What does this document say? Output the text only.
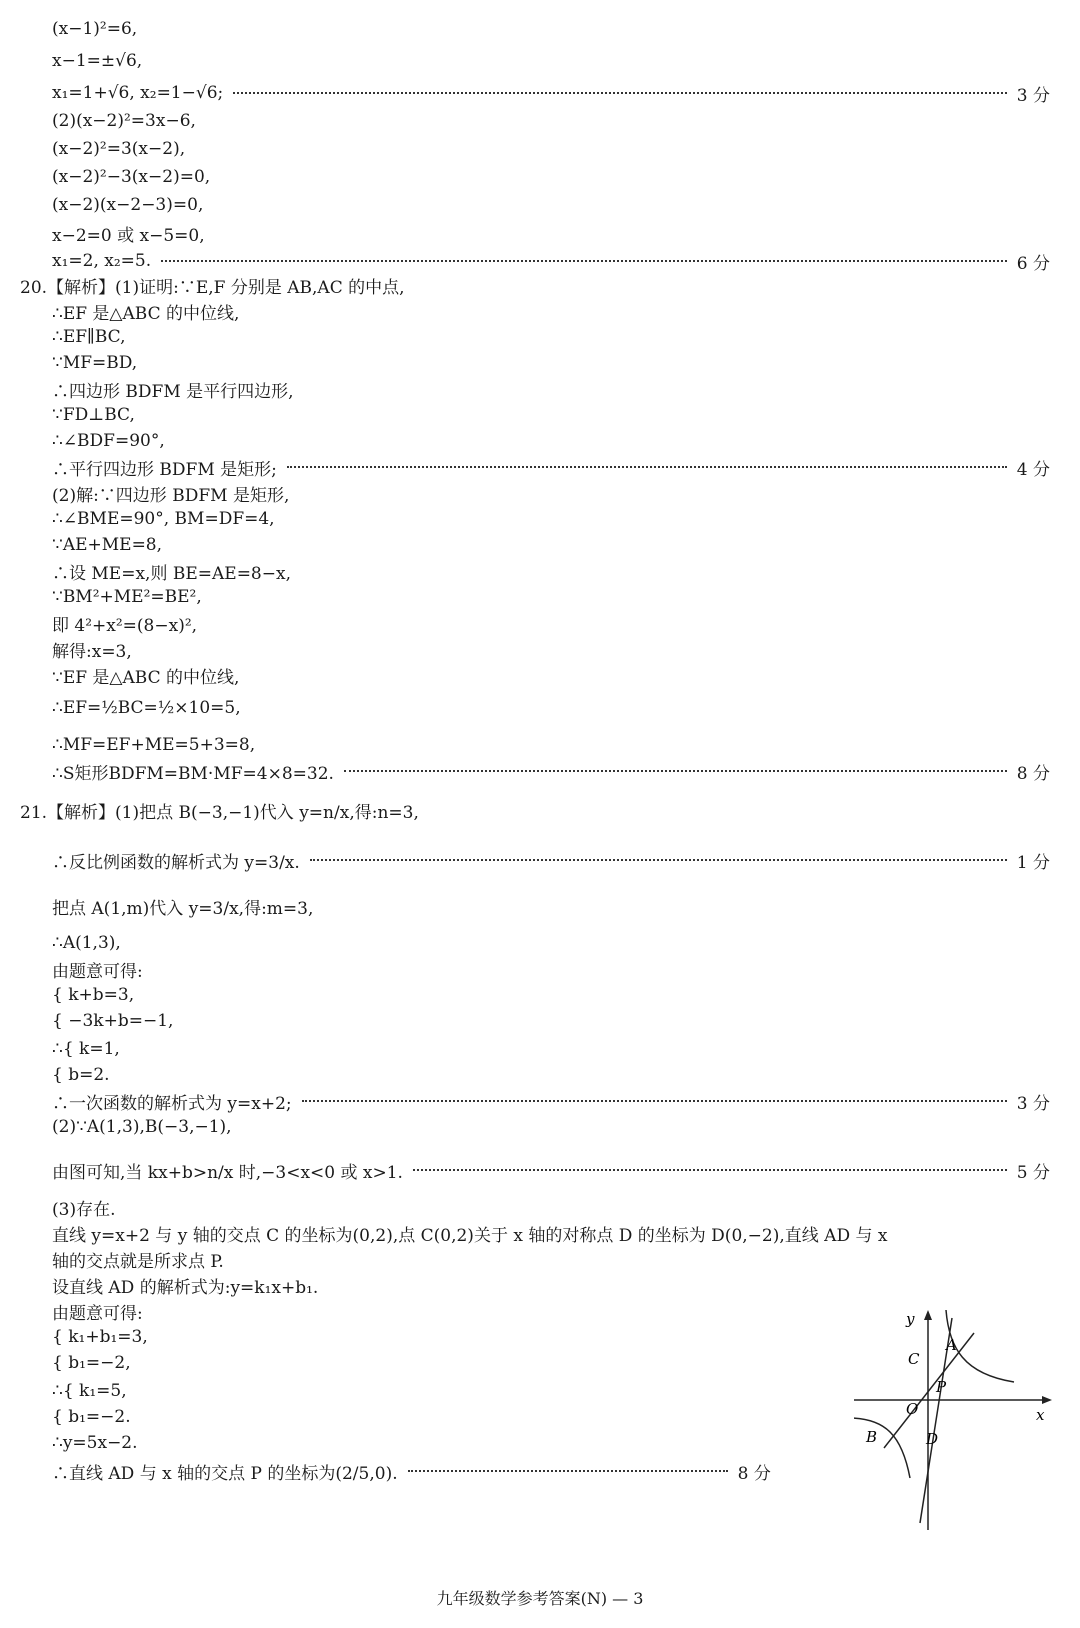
(x−1)²=6,
x−1=±√6,
x₁=1+√6, x₂=1−√6;	3 分
(2)(x−2)²=3x−6,
(x−2)²=3(x−2),
(x−2)²−3(x−2)=0,
(x−2)(x−2−3)=0,
x−2=0 或 x−5=0,
x₁=2, x₂=5.	6 分
20.【解析】(1)证明:∵E,F 分别是 AB,AC 的中点,
∴EF 是△ABC 的中位线,
∴EF∥BC,
∵MF=BD,
∴四边形 BDFM 是平行四边形,
∵FD⊥BC,
∴∠BDF=90°,
∴平行四边形 BDFM 是矩形;	4 分
(2)解:∵四边形 BDFM 是矩形,
∴∠BME=90°, BM=DF=4,
∵AE+ME=8,
∴设 ME=x,则 BE=AE=8−x,
∵BM²+ME²=BE²,
即 4²+x²=(8−x)²,
解得:x=3,
∵EF 是△ABC 的中位线,
∴EF=½BC=½×10=5,
∴MF=EF+ME=5+3=8,
∴S矩形BDFM=BM·MF=4×8=32.	8 分
21.【解析】(1)把点 B(−3,−1)代入 y=n/x,得:n=3,
∴反比例函数的解析式为 y=3/x.	1 分
把点 A(1,m)代入 y=3/x,得:m=3,
∴A(1,3),
由题意可得:
{ k+b=3,
{ −3k+b=−1,
∴{ k=1,
{ b=2.
∴一次函数的解析式为 y=x+2;	3 分
(2)∵A(1,3),B(−3,−1),
由图可知,当 kx+b>n/x 时,−3<x<0 或 x>1.	5 分
(3)存在.
直线 y=x+2 与 y 轴的交点 C 的坐标为(0,2),点 C(0,2)关于 x 轴的对称点 D 的坐标为 D(0,−2),直线 AD 与 x
轴的交点就是所求点 P.
设直线 AD 的解析式为:y=k₁x+b₁.
由题意可得:
{ k₁+b₁=3,
{ b₁=−2,
∴{ k₁=5,
{ b₁=−2.
∴y=5x−2.
∴直线 AD 与 x 轴的交点 P 的坐标为(2/5,0).	8 分
y
x
O
A
B
C
P
D
九年级数学参考答案(N) — 3
